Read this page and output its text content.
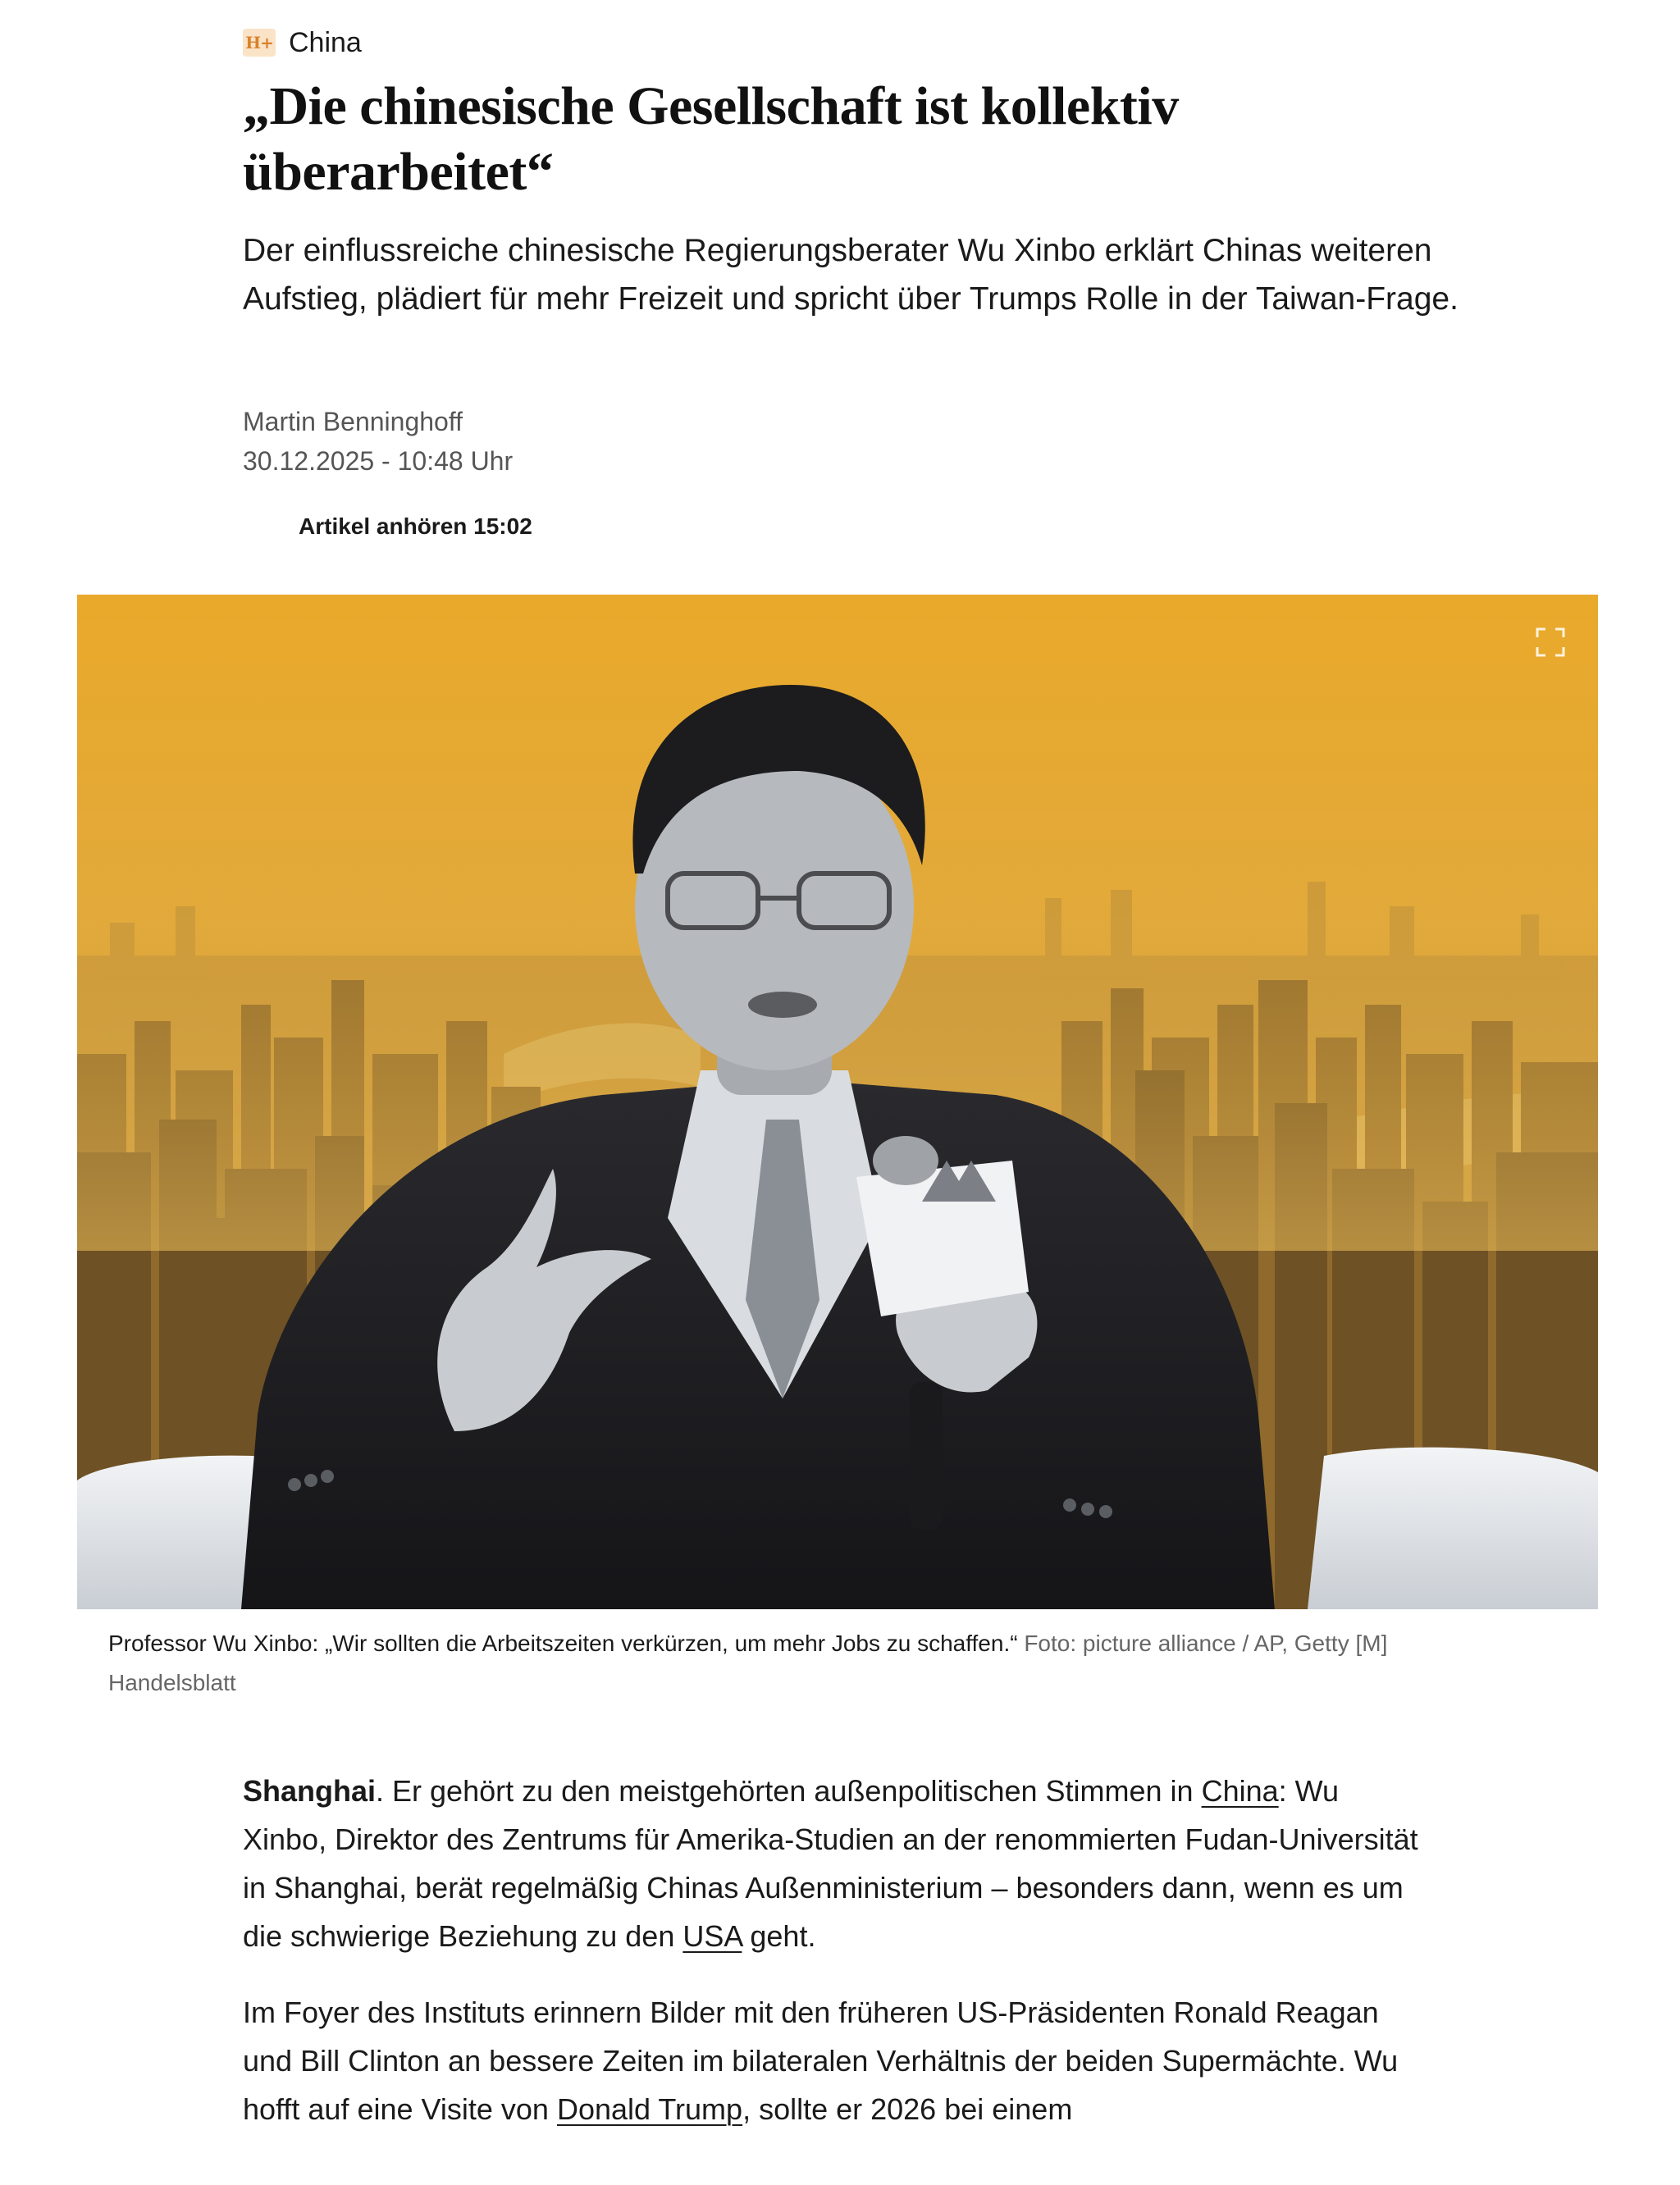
H+ China
„Die chinesische Gesellschaft ist kollektiv überarbeitet“

Der einflussreiche chinesische Regierungsberater Wu Xinbo erklärt Chinas weiteren Aufstieg, plädiert für mehr Freizeit und spricht über Trumps Rolle in der Taiwan-Frage.

Martin Benninghoff
30.12.2025 - 10:48 Uhr
Artikel anhören 15:02

Professor Wu Xinbo: „Wir sollten die Arbeitszeiten verkürzen, um mehr Jobs zu schaffen.“ Foto: picture alliance / AP, Getty [M] Handelsblatt

Shanghai. Er gehört zu den meistgehörten außenpolitischen Stimmen in China: Wu Xinbo, Direktor des Zentrums für Amerika-Studien an der renommierten Fudan-Universität in Shanghai, berät regelmäßig Chinas Außenministerium – besonders dann, wenn es um die schwierige Beziehung zu den USA geht.

Im Foyer des Instituts erinnern Bilder mit den früheren US-Präsidenten Ronald Reagan und Bill Clinton an bessere Zeiten im bilateralen Verhältnis der beiden Supermächte. Wu hofft auf eine Visite von Donald Trump, sollte er 2026 bei einem
